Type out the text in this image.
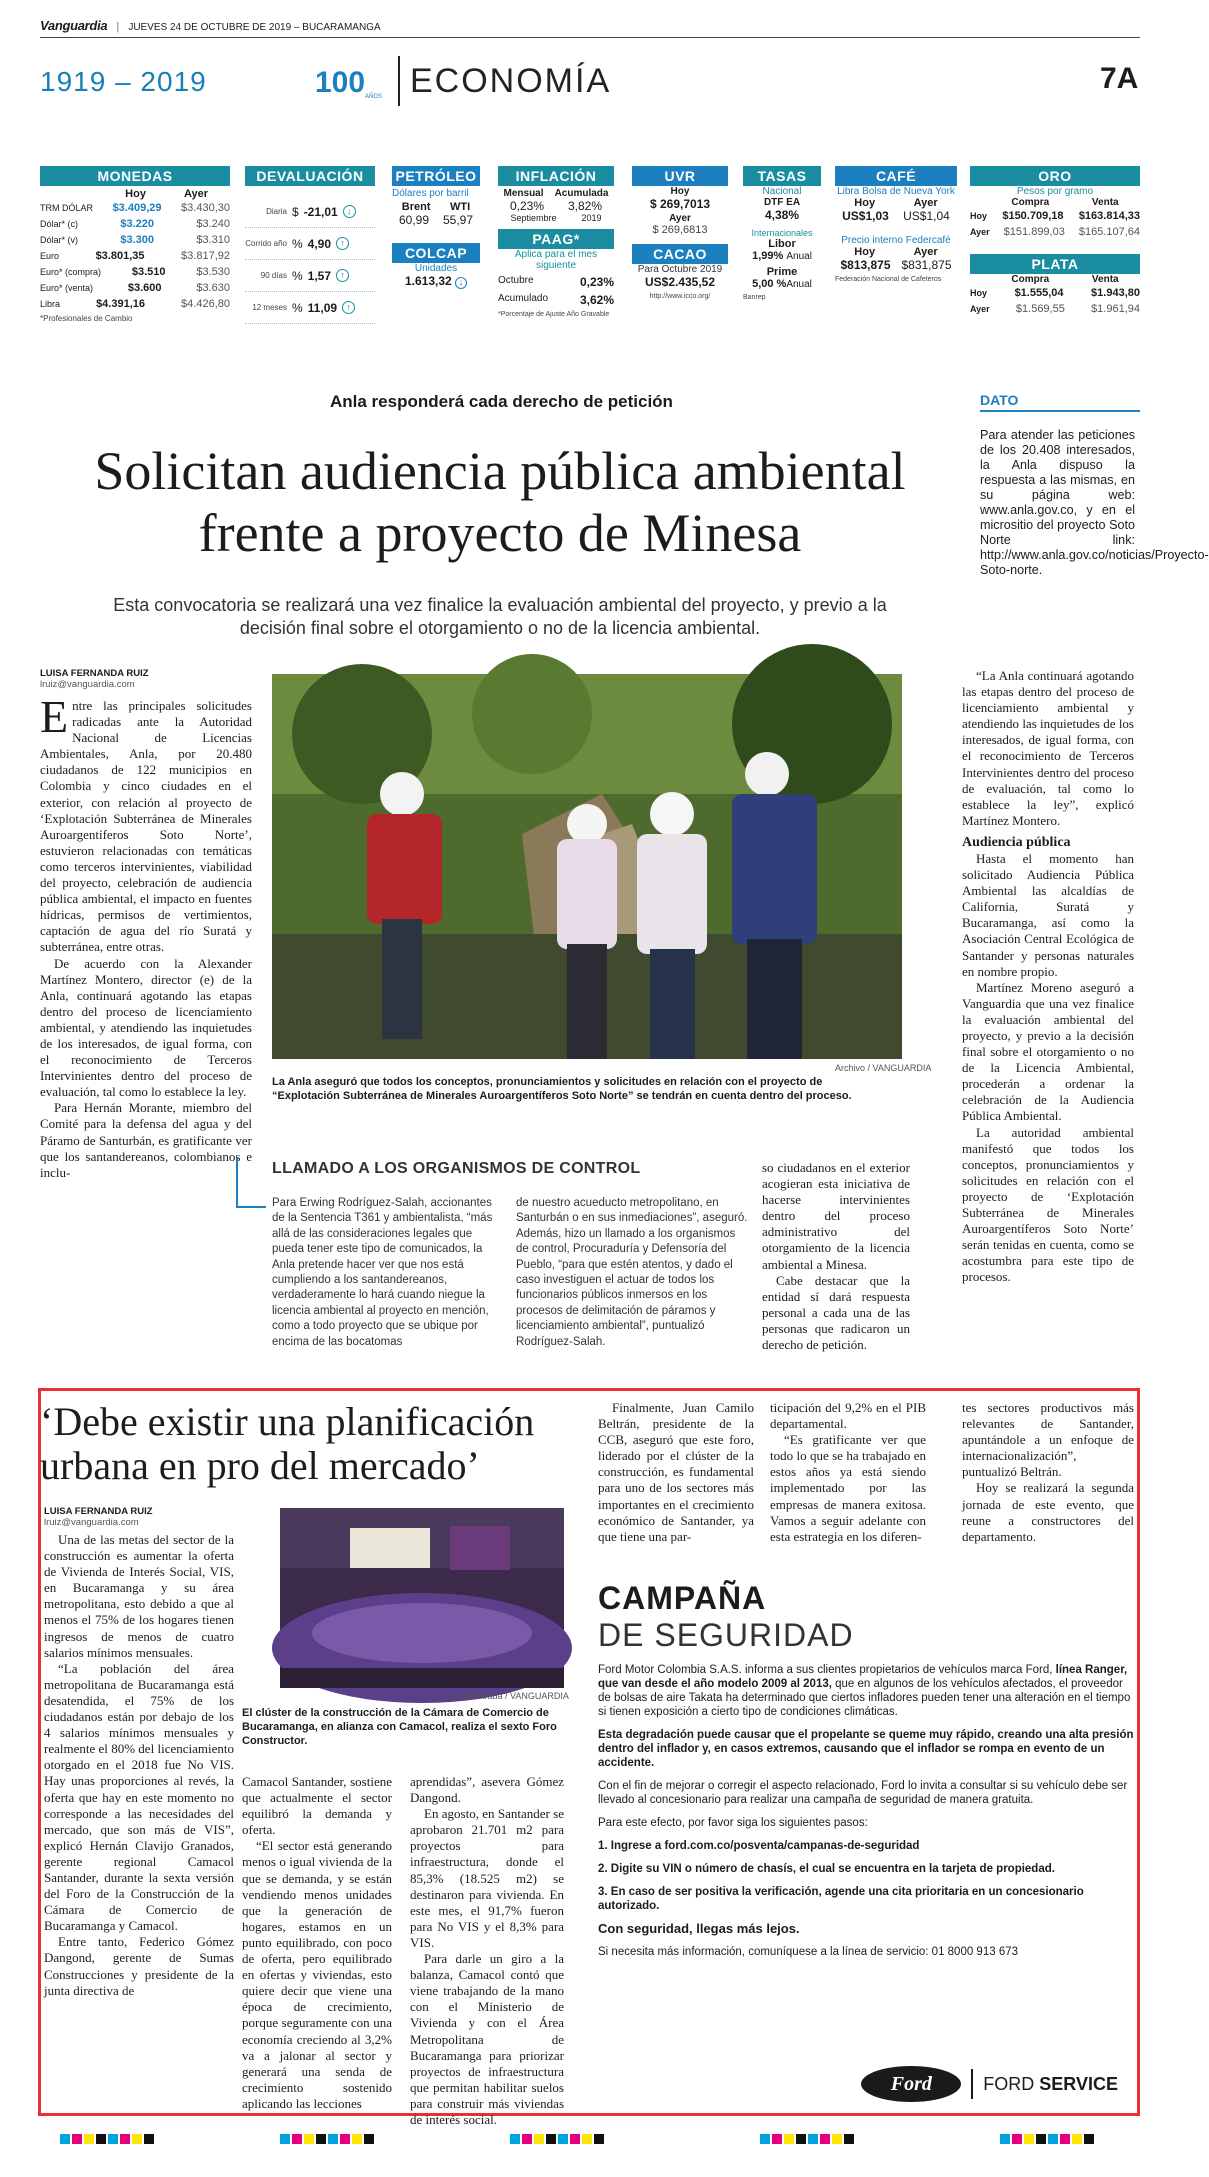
Vanguardia | JUEVES 24 DE OCTUBRE DE 2019 – BUCARAMANGA
1919 – 2019	100 AÑOS ECONOMÍA	7A
MONEDAS
Hoy	Ayer
TRM DÓLAR $3.409,29 $3.430,30
Dólar* (c)	$3.220	$3.240
Dólar* (v)	$3.300	$3.310
Euro	$3.801,35	$3.817,92
Euro* (compra)	$3.510	$3.530
Euro* (venta)	$3.600	$3.630
Libra	$4.391,16	$4.426,80
*Profesionales de Cambio
DEVALUACIÓN
Diaria $ -21,01	↓
Corrido año % 4,90	↑
90 días % 1,57	↑
12 meses % 11,09	↑
PETRÓLEO
Dólares por barril
Brent WTI
60,99 55,97
COLCAP
Unidades
1.613,32 ↓
INFLACIÓN
Mensual Acumulada
0,23% 3,82%
Septiembre	2019
PAAG*
Aplica para el mes siguiente
Octubre	0,23%
Acumulado	3,62%
*Porcentaje de Ajuste Año Gravable
UVR
Hoy
$ 269,7013
Ayer
$ 269,6813
CACAO
Para Octubre 2019
US$2.435,52
http://www.icco.org/
TASAS
Nacional
DTF EA
4,38%
Internacionales
Libor
1,99% Anual
Prime
5,00 %Anual
Banrep
CAFÉ
Libra Bolsa de Nueva York
Hoy	Ayer
US$1,03 US$1,04
Precio interno Federcafé
Hoy	Ayer
$813,875 $831,875
Federación Nacional de Cafeteros
ORO
Pesos por gramo
Compra	Venta
Hoy $150.709,18 $163.814,33
Ayer $151.899,03 $165.107,64
PLATA
Compra	Venta
Hoy	$1.555,04	$1.943,80
Ayer $1.569,55 $1.961,94
Anla responderá cada derecho de petición
Solicitan audiencia pública ambiental frente a proyecto de Minesa
Esta convocatoria se realizará una vez finalice la evaluación ambiental del proyecto, y previo a la decisión final sobre el otorgamiento o no de la licencia ambiental.
DATO
Para atender las peticiones de los 20.408 interesados, la Anla dispuso la respuesta a las mismas, en su página web: www.anla.gov.co, y en el micrositio del proyecto Soto Norte link: http://www.anla.gov.co/noticias/Proyecto-Soto-norte.
LUISA FERNANDA RUIZ
lruiz@vanguardia.com

Entre las principales solicitudes radicadas ante la Autoridad Nacional de Licencias Ambientales, Anla, por 20.480 ciudadanos de 122 municipios en Colombia y cinco ciudades en el exterior, con relación al proyecto de ‘Explotación Subterránea de Minerales Auroargentíferos Soto Norte’, estuvieron relacionadas con temáticas como terceros intervinientes, viabilidad del proyecto, celebración de audiencia pública ambiental, el impacto en fuentes hídricas, permisos de vertimientos, captación de agua del río Suratá y subterránea, entre otras.

De acuerdo con la Alexander Martínez Montero, director (e) de la Anla, continuará agotando las etapas dentro del proceso de licenciamiento ambiental, y atendiendo las inquietudes de los interesados, de igual forma, con el reconocimiento de Terceros Intervinientes dentro del proceso de evaluación, tal como lo establece la ley.

Para Hernán Morante, miembro del Comité para la defensa del agua y del Páramo de Santurbán, es gratificante ver que los santandereanos, colombianos e inclu-

Archivo / VANGUARDIA
La Anla aseguró que todos los conceptos, pronunciamientos y solicitudes en relación con el proyecto de “Explotación Subterránea de Minerales Auroargentíferos Soto Norte” se tendrán en cuenta dentro del proceso.
LLAMADO A LOS ORGANISMOS DE CONTROL
Para Erwing Rodríguez-Salah, accionantes de la Sentencia T361 y ambientalista, “más allá de las consideraciones legales que pueda tener este tipo de comunicados, la Anla pretende hacer ver que nos está cumpliendo a los santandereanos, verdaderamente lo hará cuando niegue la licencia ambiental al proyecto en mención, como a todo proyecto que se ubique por encima de las bocatomas
de nuestro acueducto metropolitano, en Santurbán o en sus inmediaciones”, aseguró. Además, hizo un llamado a los organismos de control, Procuraduría y Defensoría del Pueblo, “para que estén atentos, y dado el caso investiguen el actuar de todos los funcionarios públicos inmersos en los procesos de delimitación de páramos y licenciamiento ambiental”, puntualizó Rodríguez-Salah.

so ciudadanos en el exterior acogieran esta iniciativa de hacerse intervinientes dentro del proceso administrativo del otorgamiento de la licencia ambiental a Minesa.

Cabe destacar que la entidad sí dará respuesta personal a cada una de las personas que radicaron un derecho de petición.

“La Anla continuará agotando las etapas dentro del proceso de licenciamiento ambiental y atendiendo las inquietudes de los interesados, de igual forma, con el reconocimiento de Terceros Intervinientes dentro del proceso de evaluación, tal como lo establece la ley”, explicó Martínez Montero.

Audiencia pública

Hasta el momento han solicitado Audiencia Pública Ambiental las alcaldías de California, Suratá y Bucaramanga, así como la Asociación Central Ecológica de Santander y personas naturales en nombre propio.

Martínez Moreno aseguró a Vanguardia que una vez finalice la evaluación ambiental del proyecto, y previo a la decisión final sobre el otorgamiento o no de la Licencia Ambiental, procederán a ordenar la celebración de la Audiencia Pública Ambiental.

La autoridad ambiental manifestó que todos los conceptos, pronunciamientos y solicitudes en relación con el proyecto de ‘Explotación Subterránea de Minerales Auroargentíferos Soto Norte’ serán tenidas en cuenta, como se acostumbra para este tipo de procesos.

‘Debe existir una planificación urbana en pro del mercado’
LUISA FERNANDA RUIZ
lruiz@vanguardia.com

Una de las metas del sector de la construcción es aumentar la oferta de Vivienda de Interés Social, VIS, en Bucaramanga y su área metropolitana, esto debido a que al menos el 75% de los hogares tienen ingresos de menos de cuatro salarios mínimos mensuales.

“La población del área metropolitana de Bucaramanga está desatendida, el 75% de los ciudadanos están por debajo de los 4 salarios mínimos mensuales y realmente el 80% del licenciamiento otorgado en el 2018 fue No VIS. Hay unas proporciones al revés, la oferta que hay en este momento no corresponde a las necesidades del mercado, que son más de VIS”, explicó Hernán Clavijo Granados, gerente regional Camacol Santander, durante la sexta versión del Foro de la Construcción de la Cámara de Comercio de Bucaramanga y Camacol.

Entre tanto, Federico Gómez Dangond, gerente de Sumas Construcciones y presidente de la junta directiva de

Suministrada / VANGUARDIA
El clúster de la construcción de la Cámara de Comercio de Bucaramanga, en alianza con Camacol, realiza el sexto Foro Constructor.

Camacol Santander, sostiene que actualmente el sector equilibró la demanda y oferta.

“El sector está generando menos o igual vivienda de la que se demanda, y se están vendiendo menos unidades que la generación de hogares, estamos en un punto equilibrado, con poco de oferta, pero equilibrado en ofertas y viviendas, esto quiere decir que viene una época de crecimiento, porque seguramente con una economía creciendo al 3,2% va a jalonar al sector y generará una senda de crecimiento sostenido aplicando las lecciones

aprendidas”, asevera Gómez Dangond.

En agosto, en Santander se aprobaron 21.701 m2 para proyectos para infraestructura, donde el 85,3% (18.525 m2) se destinaron para vivienda. En este mes, el 91,7% fueron para No VIS y el 8,3% para VIS.

Para darle un giro a la balanza, Camacol contó que viene trabajando de la mano con el Ministerio de Vivienda y con el Área Metropolitana de Bucaramanga para priorizar proyectos de infraestructura que permitan habilitar suelos para construir más viviendas de interés social.

Finalmente, Juan Camilo Beltrán, presidente de la CCB, aseguró que este foro, liderado por el clúster de la construcción, es fundamental para uno de los sectores más importantes en el crecimiento económico de Santander, ya que tiene una par-

ticipación del 9,2% en el PIB departamental.

“Es gratificante ver que todo lo que se ha trabajado en estos años ya está siendo implementado por las empresas de manera exitosa. Vamos a seguir adelante con esta estrategia en los diferen-

tes sectores productivos más relevantes de Santander, apuntándole a un enfoque de internacionalización”, puntualizó Beltrán.

Hoy se realizará la segunda jornada de este evento, que reune a constructores del departamento.

CAMPAÑA
DE SEGURIDAD

Ford Motor Colombia S.A.S. informa a sus clientes propietarios de vehículos marca Ford, línea Ranger, que van desde el año modelo 2009 al 2013, que en algunos de los vehículos afectados, el proveedor de bolsas de aire Takata ha determinado que ciertos infladores pueden tener una alteración en el tiempo si tienen exposición a cierto tipo de condiciones climáticas.

Esta degradación puede causar que el propelante se queme muy rápido, creando una alta presión dentro del inflador y, en casos extremos, causando que el inflador se rompa en evento de un accidente.

Con el fin de mejorar o corregir el aspecto relacionado, Ford lo invita a consultar si su vehículo debe ser llevado al concesionario para realizar una campaña de seguridad de manera gratuita.

Para este efecto, por favor siga los siguientes pasos:

1. Ingrese a ford.com.co/posventa/campanas-de-seguridad

2. Digite su VIN o número de chasís, el cual se encuentra en la tarjeta de propiedad.

3. En caso de ser positiva la verificación, agende una cita prioritaria en un concesionario autorizado.

Con seguridad, llegas más lejos.

Si necesita más información, comuníquese a la línea de servicio: 01 8000 913 673

Ford	FORD SERVICE
